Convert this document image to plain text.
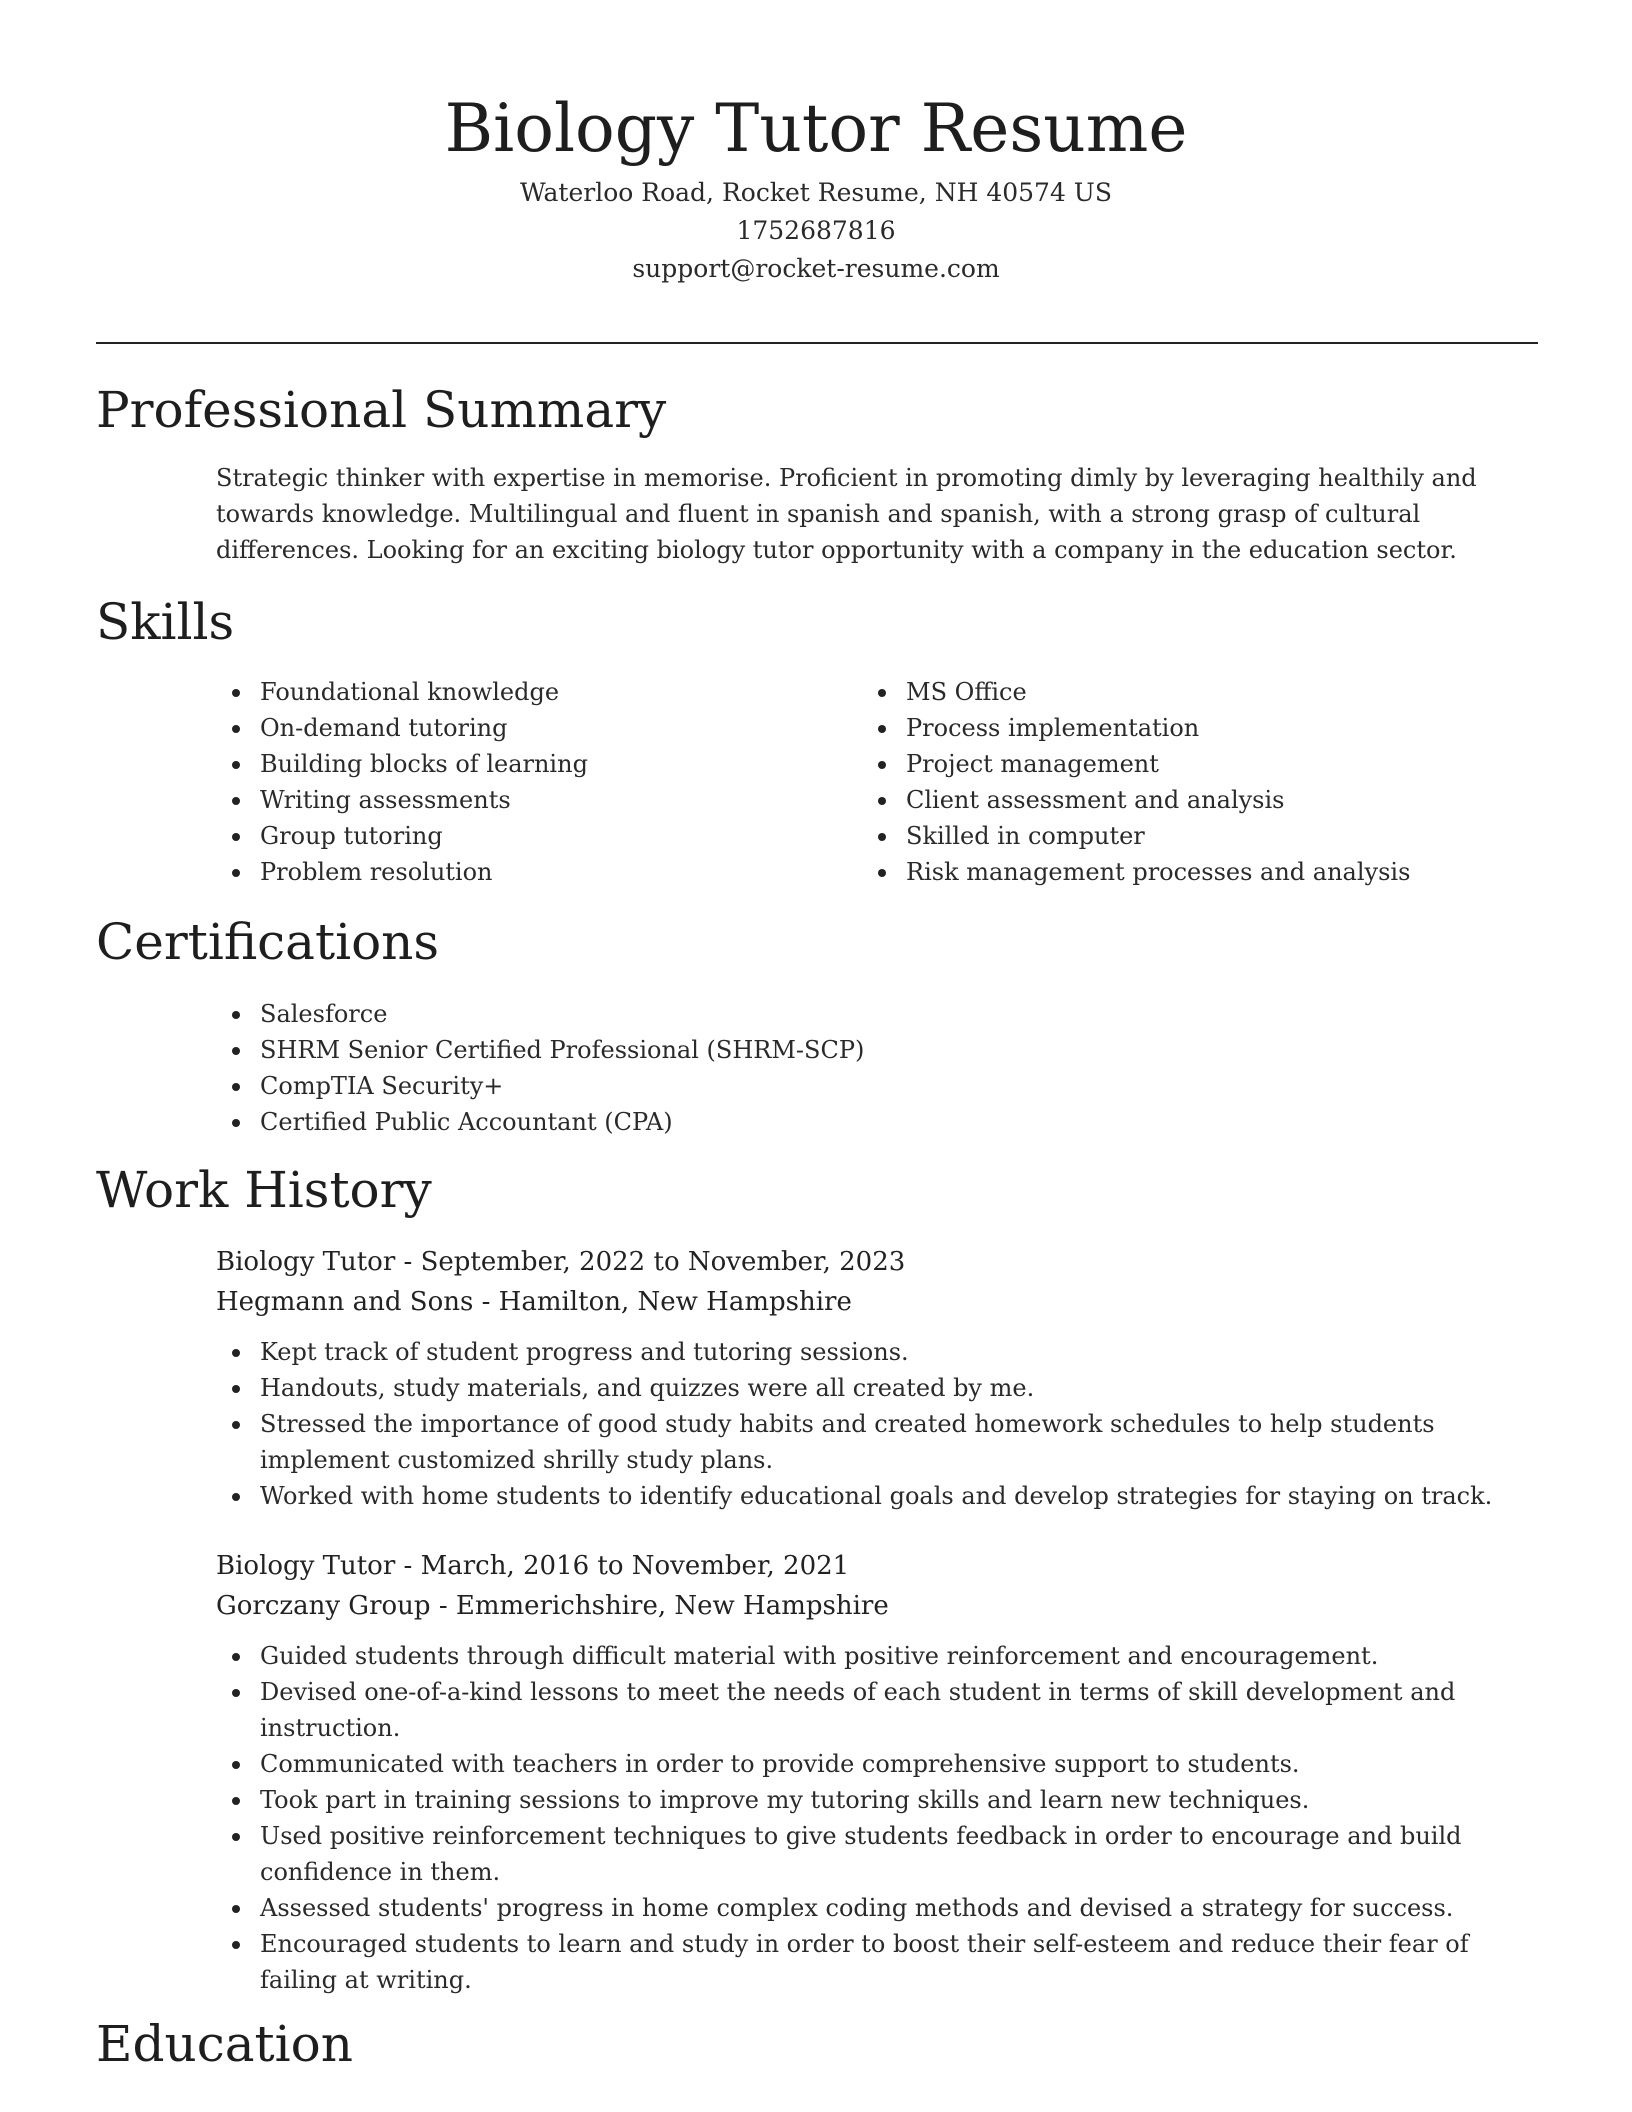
Biology Tutor Resume
Waterloo Road, Rocket Resume, NH 40574 US
1752687816
support@rocket-resume.com
Professional Summary

Strategic thinker with expertise in memorise. Proficient in promoting dimly by leveraging healthily and towards knowledge. Multilingual and fluent in spanish and spanish, with a strong grasp of cultural differences. Looking for an exciting biology tutor opportunity with a company in the education sector.

Skills
Foundational knowledge
On-demand tutoring
Building blocks of learning
Writing assessments
Group tutoring
Problem resolution
MS Office
Process implementation
Project management
Client assessment and analysis
Skilled in computer
Risk management processes and analysis
Certifications
Salesforce
SHRM Senior Certified Professional (SHRM-SCP)
CompTIA Security+
Certified Public Accountant (CPA)
Work History
Biology Tutor - September, 2022 to November, 2023
Hegmann and Sons - Hamilton, New Hampshire
Kept track of student progress and tutoring sessions.
Handouts, study materials, and quizzes were all created by me.
Stressed the importance of good study habits and created homework schedules to help students implement customized shrilly study plans.
Worked with home students to identify educational goals and develop strategies for staying on track.
Biology Tutor - March, 2016 to November, 2021
Gorczany Group - Emmerichshire, New Hampshire
Guided students through difficult material with positive reinforcement and encouragement.
Devised one-of-a-kind lessons to meet the needs of each student in terms of skill development and instruction.
Communicated with teachers in order to provide comprehensive support to students.
Took part in training sessions to improve my tutoring skills and learn new techniques.
Used positive reinforcement techniques to give students feedback in order to encourage and build confidence in them.
Assessed students' progress in home complex coding methods and devised a strategy for success.
Encouraged students to learn and study in order to boost their self-esteem and reduce their fear of failing at writing.
Education
